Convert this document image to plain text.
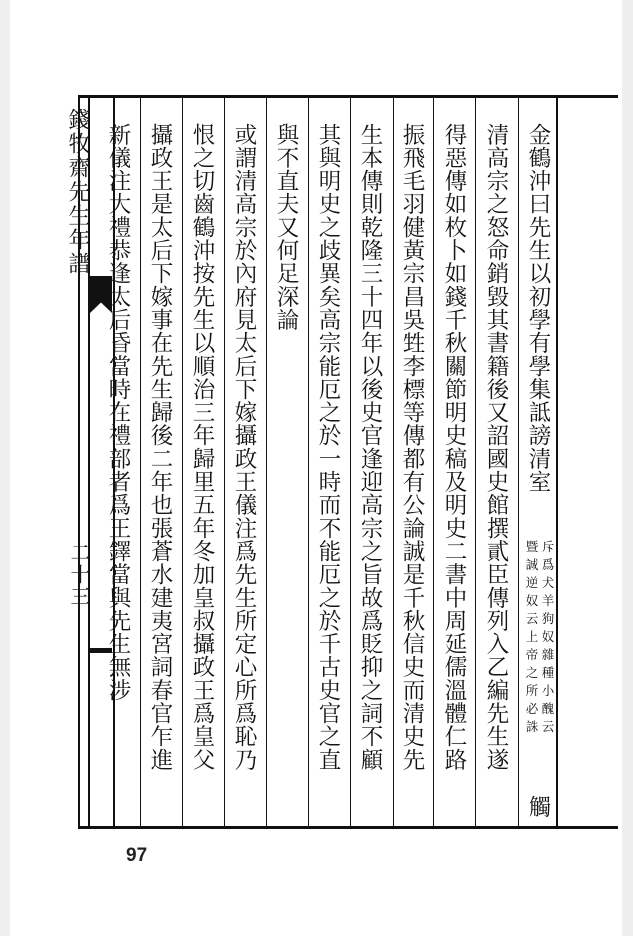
錢牧齋先生年譜
二十三
金鶴沖曰先生以初學有學集詆謗清室
清高宗之怒命銷毀其書籍後又詔國史館撰貳臣傳列入乙編先生遂
得惡傳如枚卜如錢千秋關節明史稿及明史二書中周延儒溫體仁路
振飛毛羽健黃宗昌吳甡李標等傳都有公論誠是千秋信史而清史先
生本傳則乾隆三十四年以後史官逢迎高宗之旨故爲貶抑之詞不顧
其與明史之歧異矣高宗能厄之於一時而不能厄之於千古史官之直
與不直夫又何足深論
或謂清高宗於內府見太后下嫁攝政王儀注爲先生所定心所爲恥乃
恨之切齒鶴沖按先生以順治三年歸里五年冬加皇叔攝政王爲皇父
攝政王是太后下嫁事在先生歸後二年也張蒼水建夷宮詞春官乍進
新儀注大禮恭逢太后昏當時在禮部者爲王鐸當與先生無涉	斥爲犬羊狗奴雜種小醜云
暨誠逆奴云上帝之所必誅
觸
97
